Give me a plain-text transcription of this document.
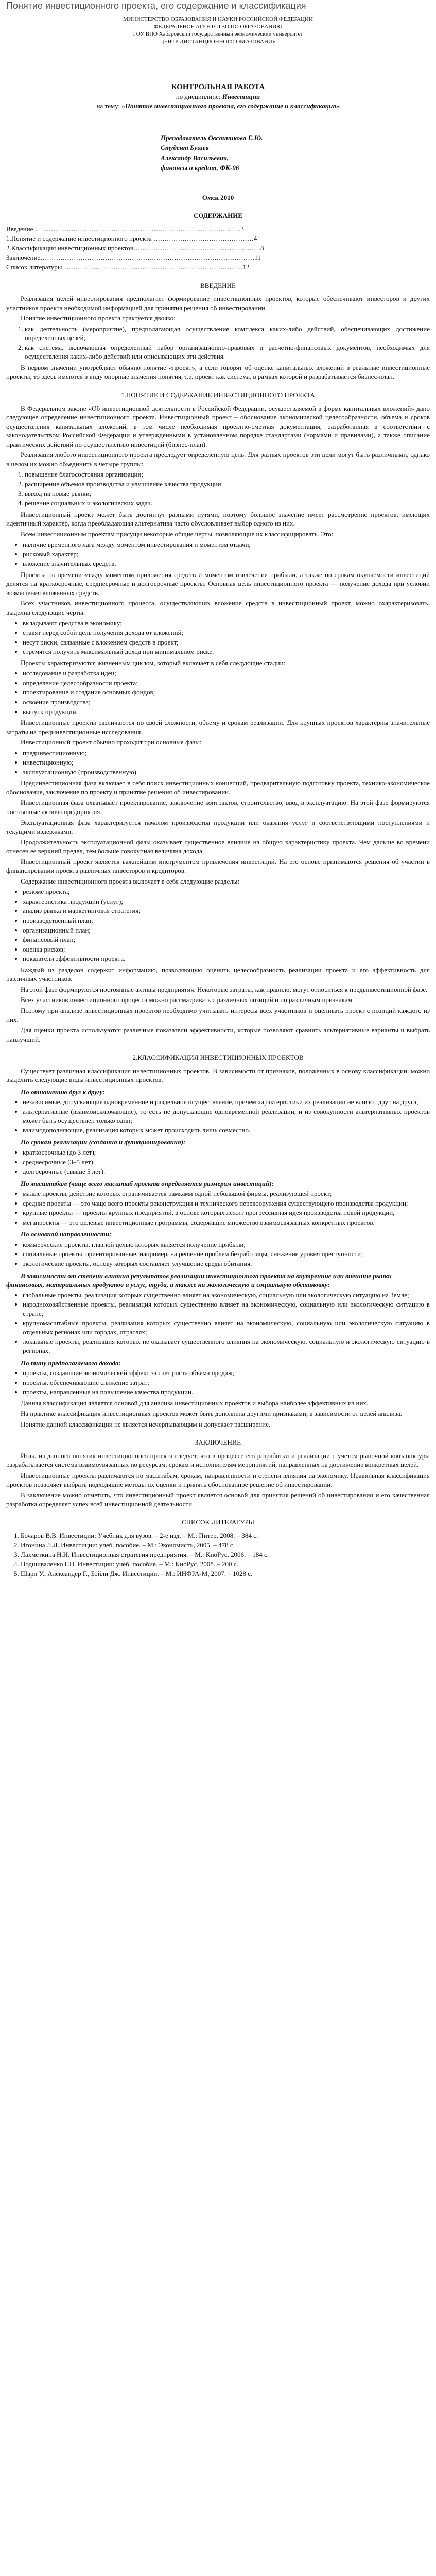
Понятие инвестиционного проекта, его содержание и классификация

МИНИСТЕРСТВО ОБРАЗОВАНИЯ И НАУКИ РОССИЙСКОЙ ФЕДЕРАЦИИ

ФЕДЕРАЛЬНОЕ АГЕНТСТВО ПО ОБРАЗОВАНИЮ

ГОУ ВПО Хабаровский государственный экономический университет

ЦЕНТР ДИСТАНЦИОННОГО ОБРАЗОВАНИЯ

КОНТРОЛЬНАЯ РАБОТА

по дисциплине: Инвестиции

на тему: «Понятие инвестиционного проекта, его содержание и классификация»

Преподаватель Овсянникова Е.Ю.

Студент Бушев

Александр Васильевич,

финансы и кредит, ФК-06

Омск 2010
СОДЕРЖАНИЕ
Введение…………………………………………………………………………………3
1.Понятие и содержание инвестиционного проекта ………………………………………4
2.Классификация инвестиционных проектов…………………………………………………8
Заключение……………………………………………………………………………………11
Список литературы………………………………………………………………………12
ВВЕДЕНИЕ

Реализация целей инвестирования предполагает формирование инвестиционных проектов, которые обеспечивают инвесторов и других участников проекта необходимой информацией для принятия решения об инвестировании.

Понятие инвестиционного проекта трактуется двояко:

1. как деятельность (мероприятие), предполагающая осуществление комплекса каких-либо действий, обеспечивающих достижение определенных целей;
2. как система, включающая определенный набор организационно-правовых и расчетно-финансовых документов, необходимых для осуществления каких-либо действий или описывающих эти действия.

В первом значении употребляют обычно понятие «проект», а если говорят об оценке капитальных вложений в реальные инвестиционные проекты, то здесь имеются в виду опорные значения понятия, т.е. проект как система, в рамках которой и разрабатывается бизнес-план.

1.ПОНЯТИЕ И СОДЕРЖАНИЕ ИНВЕСТИЦИОННОГО ПРОЕКТА

В Федеральном законе «Об инвестиционной деятельности в Российской Федерации, осуществляемой в форме капитальных вложений» дано следующее определение инвестиционного проекта. Инвестиционный проект – обоснование экономической целесообразности, объема и сроков осуществления капитальных вложений, в том числе необходимая проектно-сметная документация, разработанная в соответствии с законодательством Российской Федерации и утвержденными в установленном порядке стандартами (нормами и правилами), а также описание практических действий по осуществлению инвестиций (бизнес-план).

Реализация любого инвестиционного проекта преследует определенную цель. Для разных проектов эти цели могут быть различными, однако в целом их можно объединить в четыре группы:

1. повышение благосостояния организации;
2. расширение объемов производства и улучшение качества продукции;
3. выход на новые рынки;
4. решение социальных и экологических задач.

Инвестиционный проект может быть достигнут разными путями, поэтому большое значение имеет рассмотрение проектов, имеющих идентичный характер, когда преобладающая альтернатива часто обусловливает выбор одного из них.

Всем инвестиционным проектам присущи некоторые общие черты, позволяющие их классифицировать. Это:

• наличие временного лага между моментом инвестирования и моментом отдачи;
• рисковый характер;
• вложение значительных средств.

Проекты по времени между моментом приложения средств и моментом извлечения прибыли, а также по срокам окупаемости инвестиций делятся на краткосрочные, среднесрочные и долгосрочные проекты. Основная цель инвестиционного проекта — получение дохода при условии возмещения вложенных средств.

Всех участников инвестиционного процесса, осуществляющих вложение средств в инвестиционный проект, можно охарактеризовать, выделив следующие черты:

• вкладывают средства в экономику;
• ставят перед собой цель получения дохода от вложений;
• несут риски, связанные с вложением средств в проект;
• стремятся получить максимальный доход при минимальном риске.

Проекты характеризуются жизненным циклом, который включает в себя следующие стадии:

• исследование и разработка идеи;
• определение целесообразности проекта;
• проектирование и создание основных фондов;
• освоение производства;
• выпуск продукции.

Инвестиционные проекты различаются по своей сложности, объему и срокам реализации. Для крупных проектов характерны значительные затраты на предынвестиционные исследования.

Инвестиционный проект обычно проходит три основные фазы:

• прединвестиционную;
• инвестиционную;
• эксплуатационную (производственную).

Прединвестиционная фаза включает в себя поиск инвестиционных концепций, предварительную подготовку проекта, технико-экономическое обоснование, заключение по проекту и принятие решения об инвестировании.

Инвестиционная фаза охватывает проектирование, заключение контрактов, строительство, ввод в эксплуатацию. На этой фазе формируются постоянные активы предприятия.

Эксплуатационная фаза характеризуется началом производства продукции или оказания услуг и соответствующими поступлениями и текущими издержками.

Продолжительность эксплуатационной фазы оказывает существенное влияние на общую характеристику проекта. Чем дальше во времени отнесен ее верхний предел, тем больше совокупная величина дохода.

Инвестиционный проект является важнейшим инструментом привлечения инвестиций. На его основе принимаются решения об участии в финансировании проекта различных инвесторов и кредиторов.

Содержание инвестиционного проекта включает в себя следующие разделы:

• резюме проекта;
• характеристика продукции (услуг);
• анализ рынка и маркетинговая стратегия;
• производственный план;
• организационный план;
• финансовый план;
• оценка рисков;
• показатели эффективности проекта.

Каждый из разделов содержит информацию, позволяющую оценить целесообразность реализации проекта и его эффективность для различных участников.

На этой фазе формируются постоянные активы предприятия. Некоторые затраты, как правило, могут относиться к предынвестиционной фазе.

Всех участников инвестиционного процесса можно рассматривать с различных позиций и по различным признакам.

Поэтому при анализе инвестиционных проектов необходимо учитывать интересы всех участников и оценивать проект с позиций каждого из них.

Для оценки проекта используются различные показатели эффективности, которые позволяют сравнить альтернативные варианты и выбрать наилучший.

2.КЛАССИФИКАЦИЯ ИНВЕСТИЦИОННЫХ ПРОЕКТОВ

Существует различная классификация инвестиционных проектов. В зависимости от признаков, положенных в основу классификации, можно выделить следующие виды инвестиционных проектов.

По отношению друг к другу:

• независимые, допускающие одновременное и раздельное осуществление, причем характеристики их реализации не влияют друг на друга;
• альтернативные (взаимоисключающие), то есть не допускающие одновременной реализации, и из совокупности альтернативных проектов может быть осуществлен только один;
• взаимодополняющие, реализация которых может происходить лишь совместно.

По срокам реализации (создания и функционирования):

• краткосрочные (до 3 лет);
• среднесрочные (3–5 лет);
• долгосрочные (свыше 5 лет).

По масштабам (чаще всего масштаб проекта определяется размером инвестиций):

• малые проекты, действие которых ограничивается рамками одной небольшой фирмы, реализующей проект;
• средние проекты — это чаще всего проекты реконструкции и технического перевооружения существующего производства продукции;
• крупные проекты — проекты крупных предприятий, в основе которых лежит прогрессивная идея производства новой продукции;
• мегапроекты — это целевые инвестиционные программы, содержащие множество взаимосвязанных конкретных проектов.

По основной направленности:

• коммерческие проекты, главной целью которых является получение прибыли;
• социальные проекты, ориентированные, например, на решение проблем безработицы, снижение уровня преступности;
• экологические проекты, основу которых составляет улучшение среды обитания.

В зависимости от степени влияния результатов реализации инвестиционного проекта на внутренние или внешние рынки финансовых, материальных продуктов и услуг, труда, а также на экологическую и социальную обстановку:

• глобальные проекты, реализация которых существенно влияет на экономическую, социальную или экологическую ситуацию на Земле;
• народнохозяйственные проекты, реализация которых существенно влияет на экономическую, социальную или экологическую ситуацию в стране;
• крупномасштабные проекты, реализация которых существенно влияет на экономическую, социальную или экологическую ситуацию в отдельных регионах или городах, отраслях;
• локальные проекты, реализация которых не оказывает существенного влияния на экономическую, социальную и экологическую ситуацию в регионах.

По типу предполагаемого дохода:

• проекты, создающие экономический эффект за счет роста объема продаж;
• проекты, обеспечивающие снижение затрат;
• проекты, направленные на повышение качества продукции.

Данная классификация является основой для анализа инвестиционных проектов и выбора наиболее эффективных из них.

На практике классификация инвестиционных проектов может быть дополнена другими признаками, в зависимости от целей анализа.

Понятие данной классификации не является исчерпывающим и допускает расширение.

ЗАКЛЮЧЕНИЕ

Итак, из данного понятия инвестиционного проекта следует, что в процессе его разработки и реализации с учетом рыночной конъюнктуры разрабатывается система взаимоувязанных по ресурсам, срокам и исполнителям мероприятий, направленных на достижение конкретных целей.

Инвестиционные проекты различаются по масштабам, срокам, направленности и степени влияния на экономику. Правильная классификация проектов позволяет выбрать подходящие методы их оценки и принять обоснованное решение об инвестировании.

В заключение можно отметить, что инвестиционный проект является основой для принятия решений об инвестировании и его качественная разработка определяет успех всей инвестиционной деятельности.

СПИСОК ЛИТЕРАТУРЫ
1. Бочаров В.В. Инвестиции: Учебник для вузов. – 2-е изд. – М.: Питер, 2008. – 384 с.
2. Игонина Л.Л. Инвестиции: учеб. пособие. – М.: Экономистъ, 2005. – 478 с.
3. Лахметкина Н.И. Инвестиционная стратегия предприятия. – М.: КноРус, 2006. – 184 с.
4. Подшиваленко Г.П. Инвестиции: учеб. пособие. – М.: КноРус, 2008. – 200 с.
5. Шарп У., Александер Г., Бэйли Дж. Инвестиции. – М.: ИНФРА-М, 2007. – 1028 с.
